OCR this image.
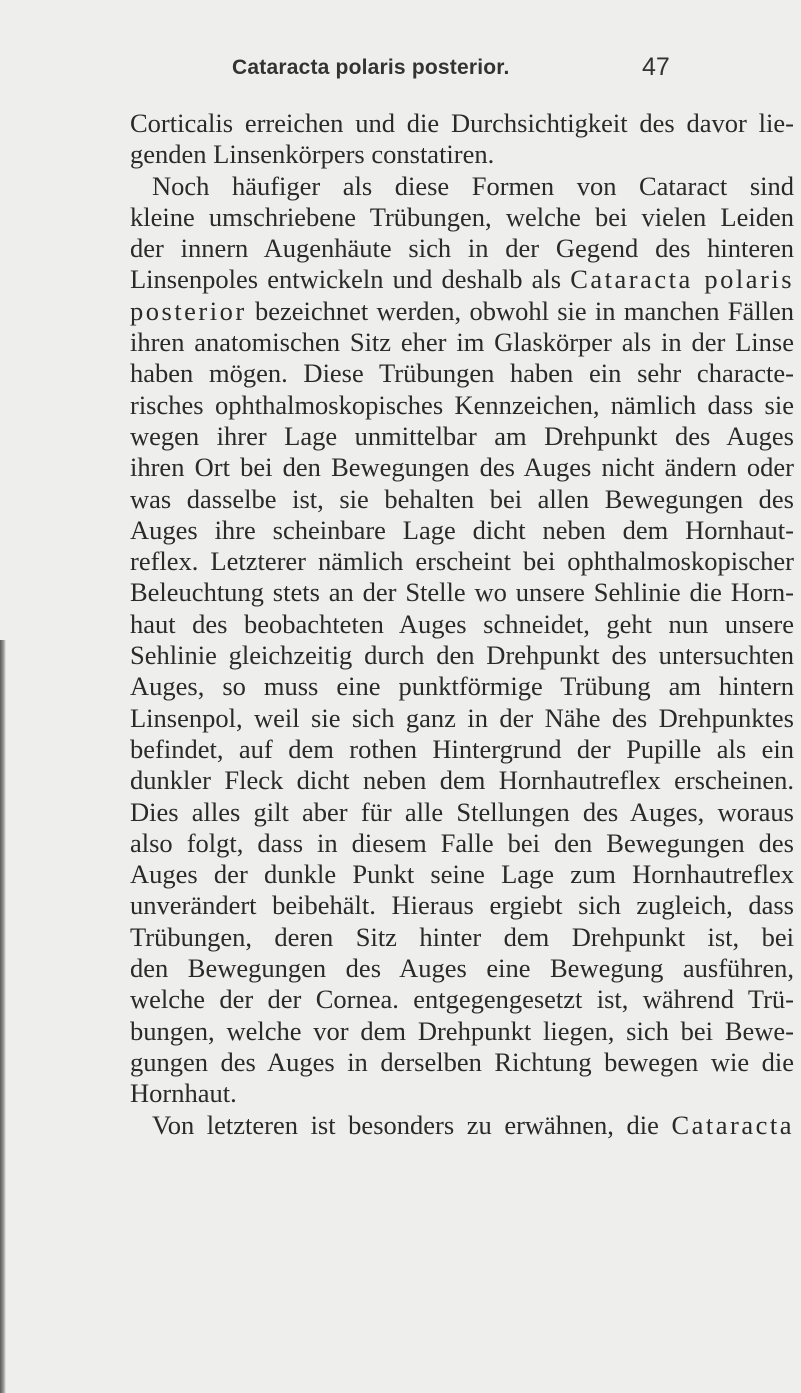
Cataracta polaris posterior.	47
Corticalis erreichen und die Durchsichtigkeit des davor lie-
genden Linsenkörpers constatiren.
Noch häufiger als diese Formen von Cataract sind
kleine umschriebene Trübungen, welche bei vielen Leiden
der innern Augenhäute sich in der Gegend des hinteren
Linsenpoles entwickeln und deshalb als Cataracta polaris
posterior bezeichnet werden, obwohl sie in manchen Fällen
ihren anatomischen Sitz eher im Glaskörper als in der Linse
haben mögen. Diese Trübungen haben ein sehr characte-
risches ophthalmoskopisches Kennzeichen, nämlich dass sie
wegen ihrer Lage unmittelbar am Drehpunkt des Auges
ihren Ort bei den Bewegungen des Auges nicht ändern oder
was dasselbe ist, sie behalten bei allen Bewegungen des
Auges ihre scheinbare Lage dicht neben dem Hornhaut-
reflex. Letzterer nämlich erscheint bei ophthalmoskopischer
Beleuchtung stets an der Stelle wo unsere Sehlinie die Horn-
haut des beobachteten Auges schneidet, geht nun unsere
Sehlinie gleichzeitig durch den Drehpunkt des untersuchten
Auges, so muss eine punktförmige Trübung am hintern
Linsenpol, weil sie sich ganz in der Nähe des Drehpunktes
befindet, auf dem rothen Hintergrund der Pupille als ein
dunkler Fleck dicht neben dem Hornhautreflex erscheinen.
Dies alles gilt aber für alle Stellungen des Auges, woraus
also folgt, dass in diesem Falle bei den Bewegungen des
Auges der dunkle Punkt seine Lage zum Hornhautreflex
unverändert beibehält. Hieraus ergiebt sich zugleich, dass
Trübungen, deren Sitz hinter dem Drehpunkt ist, bei
den Bewegungen des Auges eine Bewegung ausführen,
welche der der Cornea. entgegengesetzt ist, während Trü-
bungen, welche vor dem Drehpunkt liegen, sich bei Bewe-
gungen des Auges in derselben Richtung bewegen wie die
Hornhaut.
Von letzteren ist besonders zu erwähnen, die Cataracta
